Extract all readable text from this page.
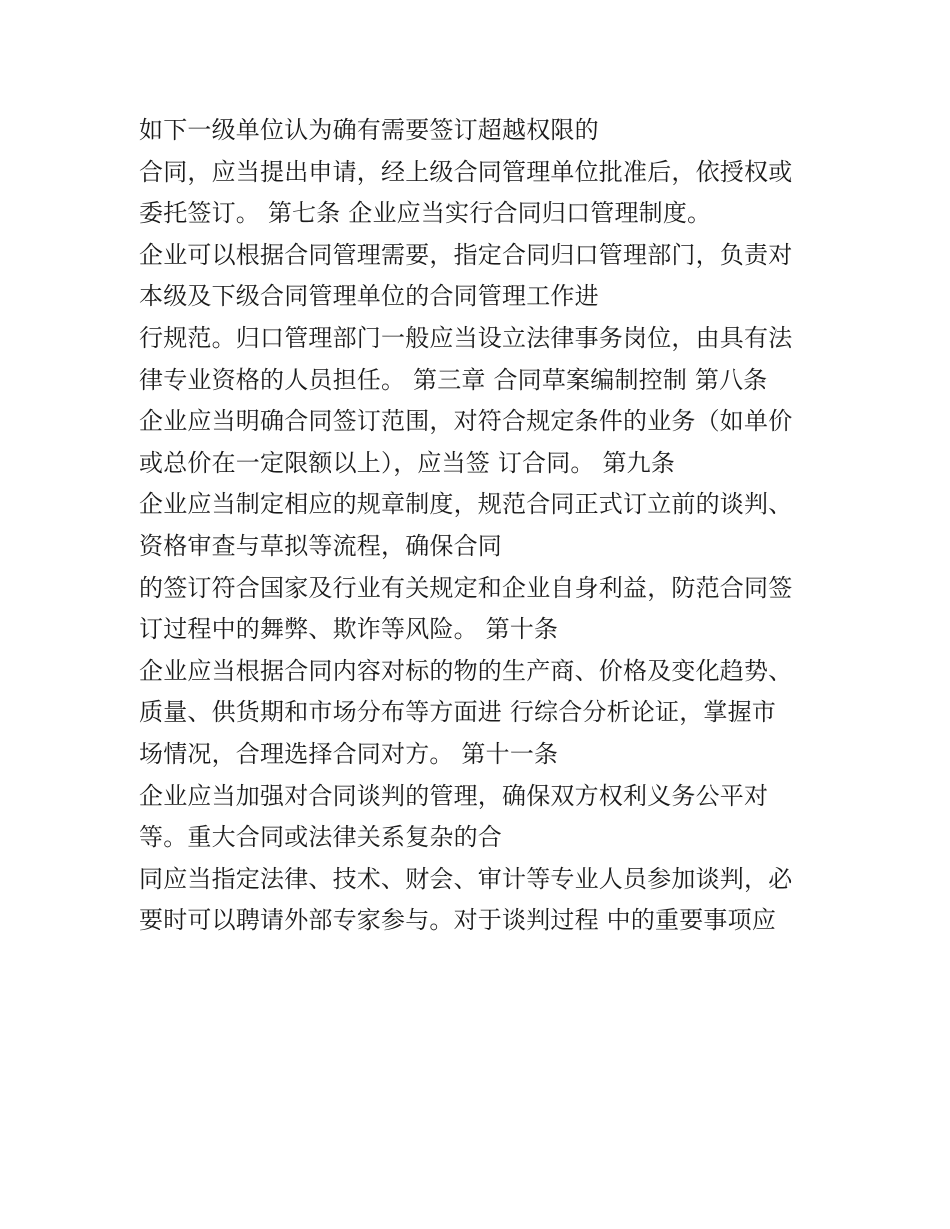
如下一级单位认为确有需要签订超越权限的
合同，应当提出申请，经上级合同管理单位批准后，依授权或
委托签订。 第七条 企业应当实行合同归口管理制度。
企业可以根据合同管理需要，指定合同归口管理部门，负责对
本级及下级合同管理单位的合同管理工作进
行规范。归口管理部门一般应当设立法律事务岗位，由具有法
律专业资格的人员担任。 第三章 合同草案编制控制 第八条
企业应当明确合同签订范围，对符合规定条件的业务（如单价
或总价在一定限额以上），应当签 订合同。 第九条
企业应当制定相应的规章制度，规范合同正式订立前的谈判、
资格审查与草拟等流程，确保合同
的签订符合国家及行业有关规定和企业自身利益，防范合同签
订过程中的舞弊、欺诈等风险。 第十条
企业应当根据合同内容对标的物的生产商、价格及变化趋势、
质量、供货期和市场分布等方面进 行综合分析论证，掌握市
场情况，合理选择合同对方。 第十一条
企业应当加强对合同谈判的管理，确保双方权利义务公平对
等。重大合同或法律关系复杂的合
同应当指定法律、技术、财会、审计等专业人员参加谈判，必
要时可以聘请外部专家参与。对于谈判过程 中的重要事项应
